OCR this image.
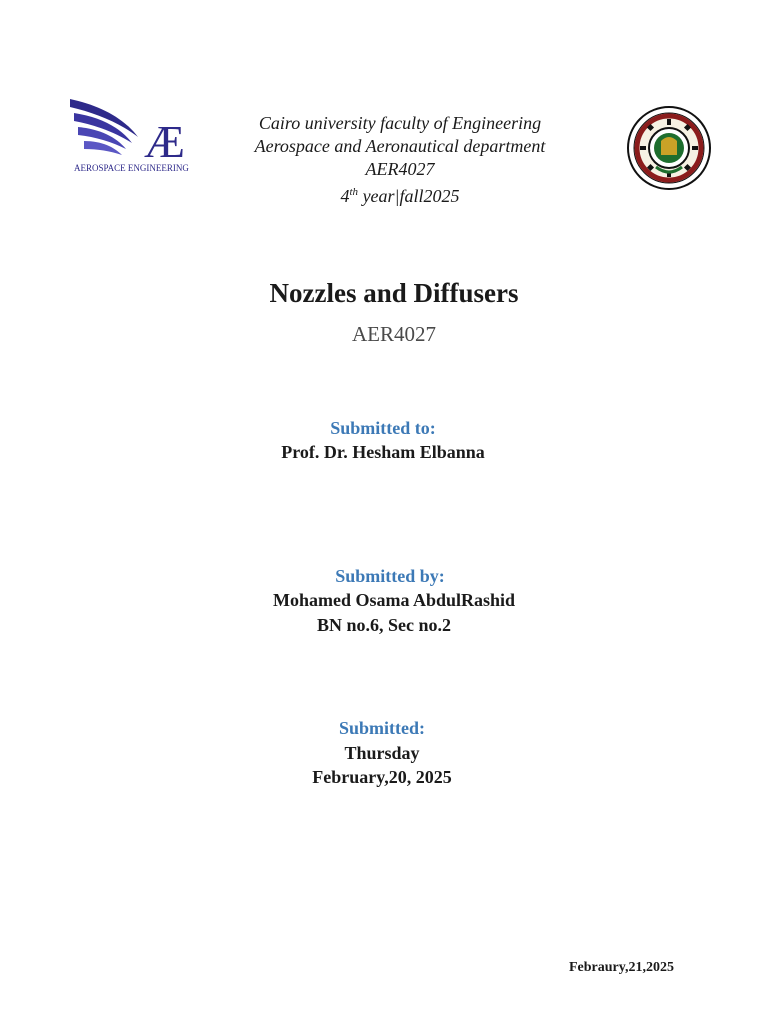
Æ
AEROSPACE ENGINEERING
Cairo university faculty of Engineering
Aerospace and Aeronautical department
AER4027
4th year|fall2025
Nozzles and Diffusers
AER4027
Submitted to:
Prof. Dr. Hesham Elbanna
Submitted by:
Mohamed Osama AbdulRashid
BN no.6, Sec no.2
Submitted:
Thursday
February,20, 2025
Febraury,21,2025
